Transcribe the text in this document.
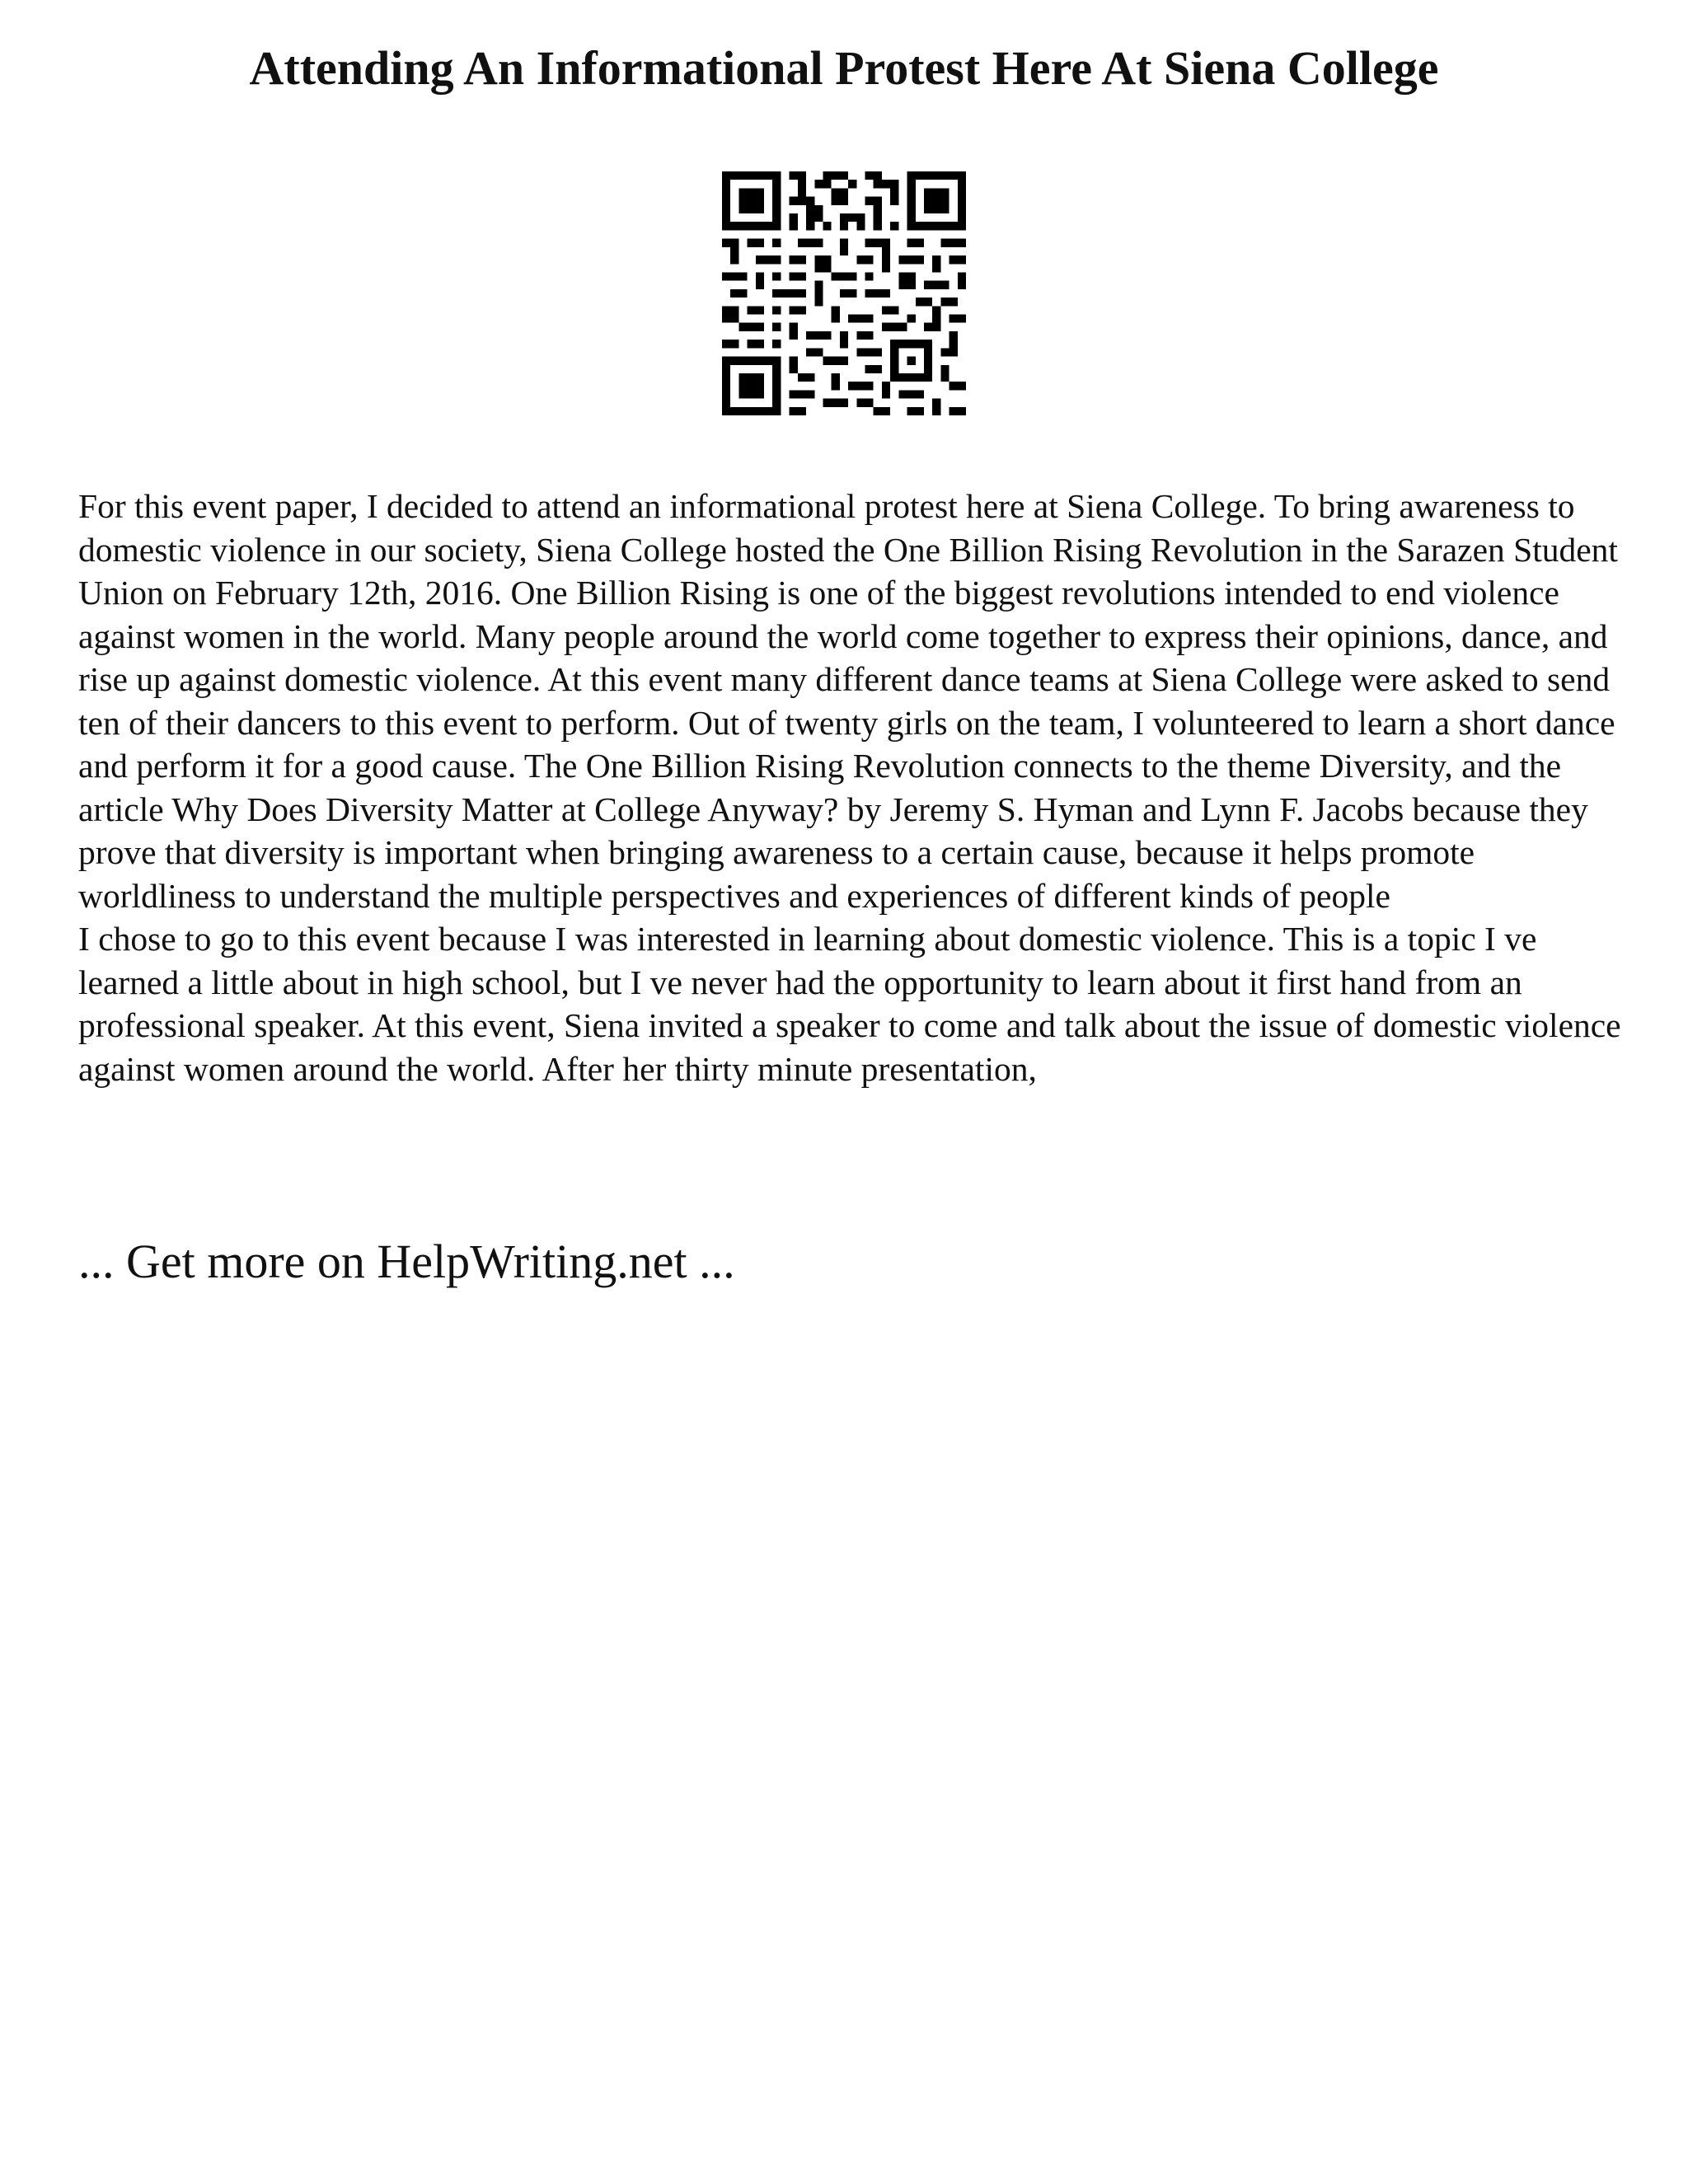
Attending An Informational Protest Here At Siena College

For this event paper, I decided to attend an informational protest here at Siena College. To bring awareness to domestic violence in our society, Siena College hosted the One Billion Rising Revolution in the Sarazen Student Union on February 12th, 2016. One Billion Rising is one of the biggest revolutions intended to end violence against women in the world. Many people around the world come together to express their opinions, dance, and rise up against domestic violence. At this event many different dance teams at Siena College were asked to send ten of their dancers to this event to perform. Out of twenty girls on the team, I volunteered to learn a short dance and perform it for a good cause. The One Billion Rising Revolution connects to the theme Diversity, and the article Why Does Diversity Matter at College Anyway? by Jeremy S. Hyman and Lynn F. Jacobs because they prove that diversity is important when bringing awareness to a certain cause, because it helps promote worldliness to understand the multiple perspectives and experiences of different kinds of people

I chose to go to this event because I was interested in learning about domestic violence. This is a topic I ve learned a little about in high school, but I ve never had the opportunity to learn about it first hand from an professional speaker. At this event, Siena invited a speaker to come and talk about the issue of domestic violence against women around the world. After her thirty minute presentation,

... Get more on HelpWriting.net ...
